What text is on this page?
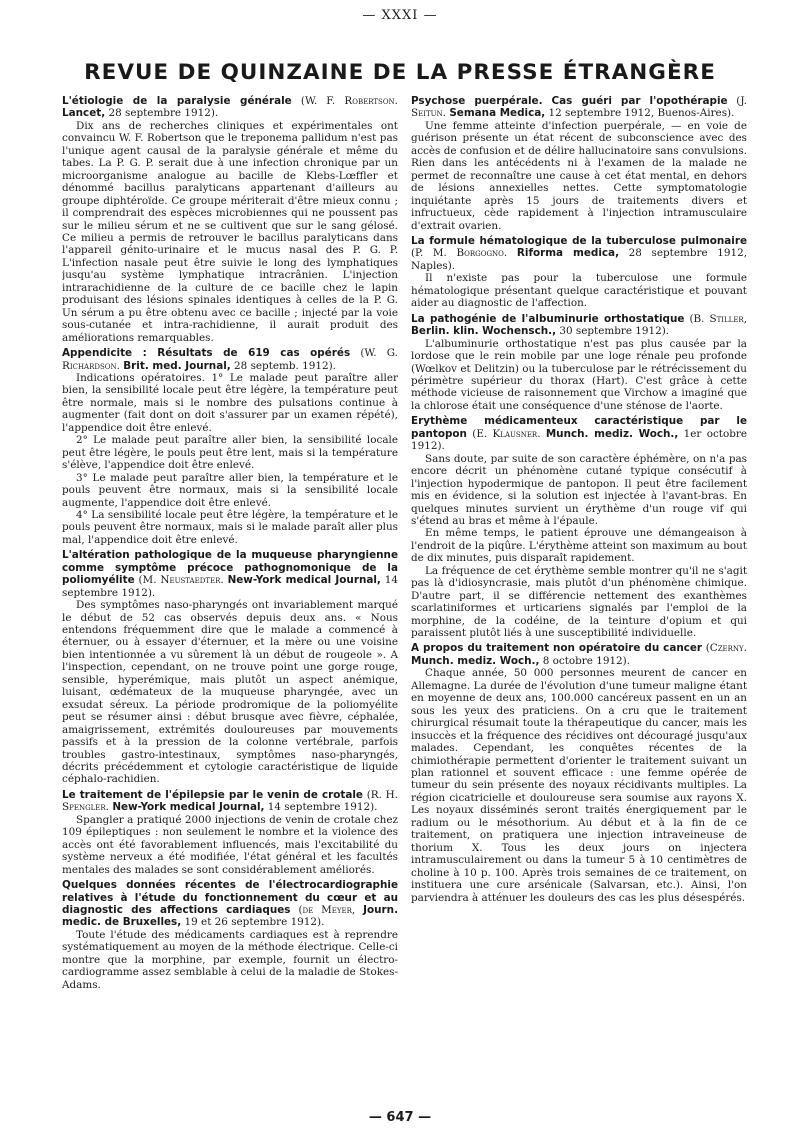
— XXXI —
REVUE DE QUINZAINE DE LA PRESSE ÉTRANGÈRE

L'étiologie de la paralysie générale (W. F. Robertson. Lancet, 28 septembre 1912).

Dix ans de recherches cliniques et expérimentales ont convaincu W. F. Robertson que le treponema pallidum n'est pas l'unique agent causal de la paralysie générale et même du tabes. La P. G. P. serait due à une infection chronique par un microorganisme analogue au bacille de Klebs-Lœffler et dénommé bacillus paralyticans appartenant d'ailleurs au groupe diphtéroïde. Ce groupe mériterait d'être mieux connu ; il comprendrait des espèces microbiennes qui ne poussent pas sur le milieu sérum et ne se cultivent que sur le sang gélosé. Ce milieu a permis de retrouver le bacillus paralyticans dans l'appareil génito-urinaire et le mucus nasal des P. G. P. L'infection nasale peut être suivie le long des lymphatiques jusqu'au système lymphatique intracrânien. L'injection intrarachidienne de la culture de ce bacille chez le lapin produisant des lésions spinales identiques à celles de la P. G. Un sérum a pu être obtenu avec ce bacille ; injecté par la voie sous-cutanée et intra-rachidienne, il aurait produit des améliorations remarquables.

Appendicite : Résultats de 619 cas opérés (W. G. Richardson. Brit. med. Journal, 28 septemb. 1912).

Indications opératoires. 1° Le malade peut paraître aller bien, la sensibilité locale peut être légère, la température peut être normale, mais si le nombre des pulsations continue à augmenter (fait dont on doit s'assurer par un examen répété), l'appendice doit être enlevé.

2° Le malade peut paraître aller bien, la sensibilité locale peut être légère, le pouls peut être lent, mais si la température s'élève, l'appendice doit être enlevé.

3° Le malade peut paraître aller bien, la température et le pouls peuvent être normaux, mais si la sensibilité locale augmente, l'appendice doit être enlevé.

4° La sensibilité locale peut être légère, la température et le pouls peuvent être normaux, mais si le malade paraît aller plus mal, l'appendice doit être enlevé.

L'altération pathologique de la muqueuse pharyngienne comme symptôme précoce pathognomonique de la poliomyélite (M. Neustaedter. New-York medical Journal, 14 septembre 1912).

Des symptômes naso-pharyngés ont invariablement marqué le début de 52 cas observés depuis deux ans. « Nous entendons fréquemment dire que le malade a commencé à éternuer, ou à essayer d'éternuer, et la mère ou une voisine bien intentionnée a vu sûrement là un début de rougeole ». A l'inspection, cependant, on ne trouve point une gorge rouge, sensible, hyperémique, mais plutôt un aspect anémique, luisant, œdémateux de la muqueuse pharyngée, avec un exsudat séreux. La période prodromique de la poliomyélite peut se résumer ainsi : début brusque avec fièvre, céphalée, amaigrissement, extrémités douloureuses par mouvements passifs et à la pression de la colonne vertébrale, parfois troubles gastro-intestinaux, symptômes naso-pharyngés, décrits précédemment et cytologie caractéristique de liquide céphalo-rachidien.

Le traitement de l'épilepsie par le venin de crotale (R. H. Spengler. New-York medical Journal, 14 septembre 1912).

Spangler a pratiqué 2000 injections de venin de crotale chez 109 épileptiques : non seulement le nombre et la violence des accès ont été favorablement influencés, mais l'excitabilité du système nerveux a été modifiée, l'état général et les facultés mentales des malades se sont considérablement améliorés.

Quelques données récentes de l'électrocardiographie relatives à l'étude du fonctionnement du cœur et au diagnostic des affections cardiaques (de Meyer, Journ. medic. de Bruxelles, 19 et 26 septembre 1912).

Toute l'étude des médicaments cardiaques est à reprendre systématiquement au moyen de la méthode électrique. Celle-ci montre que la morphine, par exemple, fournit un électro-cardiogramme assez semblable à celui de la maladie de Stokes-Adams.

Psychose puerpérale. Cas guéri par l'opothérapie (J. Seitun. Semana Medica, 12 septembre 1912, Buenos-Aires).

Une femme atteinte d'infection puerpérale, — en voie de guérison présente un état récent de subconscience avec des accès de confusion et de délire hallucinatoire sans convulsions. Rien dans les antécédents ni à l'examen de la malade ne permet de reconnaître une cause à cet état mental, en dehors de lésions annexielles nettes. Cette symptomatologie inquiétante après 15 jours de traitements divers et infructueux, cède rapidement à l'injection intramusculaire d'extrait ovarien.

La formule hématologique de la tuberculose pulmonaire (P. M. Borgogno. Riforma medica, 28 septembre 1912, Naples).

Il n'existe pas pour la tuberculose une formule hématologique présentant quelque caractéristique et pouvant aider au diagnostic de l'affection.

La pathogénie de l'albuminurie orthostatique (B. Stiller, Berlin. klin. Wochensch., 30 septembre 1912).

L'albuminurie orthostatique n'est pas plus causée par la lordose que le rein mobile par une loge rénale peu profonde (Wœlkov et Delitzin) ou la tuberculose par le rétrécissement du périmètre supérieur du thorax (Hart). C'est grâce à cette méthode vicieuse de raisonnement que Virchow a imaginé que la chlorose était une conséquence d'une sténose de l'aorte.

Erythème médicamenteux caractéristique par le pantopon (E. Klausner. Munch. mediz. Woch., 1er octobre 1912).

Sans doute, par suite de son caractère éphémère, on n'a pas encore décrit un phénomène cutané typique consécutif à l'injection hypodermique de pantopon. Il peut être facilement mis en évidence, si la solution est injectée à l'avant-bras. En quelques minutes survient un érythème d'un rouge vif qui s'étend au bras et même à l'épaule.

En même temps, le patient éprouve une démangeaison à l'endroit de la piqûre. L'érythème atteint son maximum au bout de dix minutes, puis disparaît rapidement.

La fréquence de cet érythème semble montrer qu'il ne s'agit pas là d'idiosyncrasie, mais plutôt d'un phénomène chimique. D'autre part, il se différencie nettement des exanthèmes scarlatiniformes et urticariens signalés par l'emploi de la morphine, de la codéine, de la teinture d'opium et qui paraissent plutôt liés à une susceptibilité individuelle.

A propos du traitement non opératoire du cancer (Czerny. Munch. mediz. Woch., 8 octobre 1912).

Chaque année, 50 000 personnes meurent de cancer en Allemagne. La durée de l'évolution d'une tumeur maligne étant en moyenne de deux ans, 100.000 cancéreux passent en un an sous les yeux des praticiens. On a cru que le traitement chirurgical résumait toute la thérapeutique du cancer, mais les insuccès et la fréquence des récidives ont découragé jusqu'aux malades. Cependant, les conquêtes récentes de la chimiothérapie permettent d'orienter le traitement suivant un plan rationnel et souvent efficace : une femme opérée de tumeur du sein présente des noyaux récidivants multiples. La région cicatricielle et douloureuse sera soumise aux rayons X. Les noyaux disséminés seront traités énergiquement par le radium ou le mésothorium. Au début et à la fin de ce traitement, on pratiquera une injection intraveineuse de thorium X. Tous les deux jours on injectera intramusculairement ou dans la tumeur 5 à 10 centimètres de choline à 10 p. 100. Après trois semaines de ce traitement, on instituera une cure arsénicale (Salvarsan, etc.). Ainsi, l'on parviendra à atténuer les douleurs des cas les plus désespérés.

— 647 —
